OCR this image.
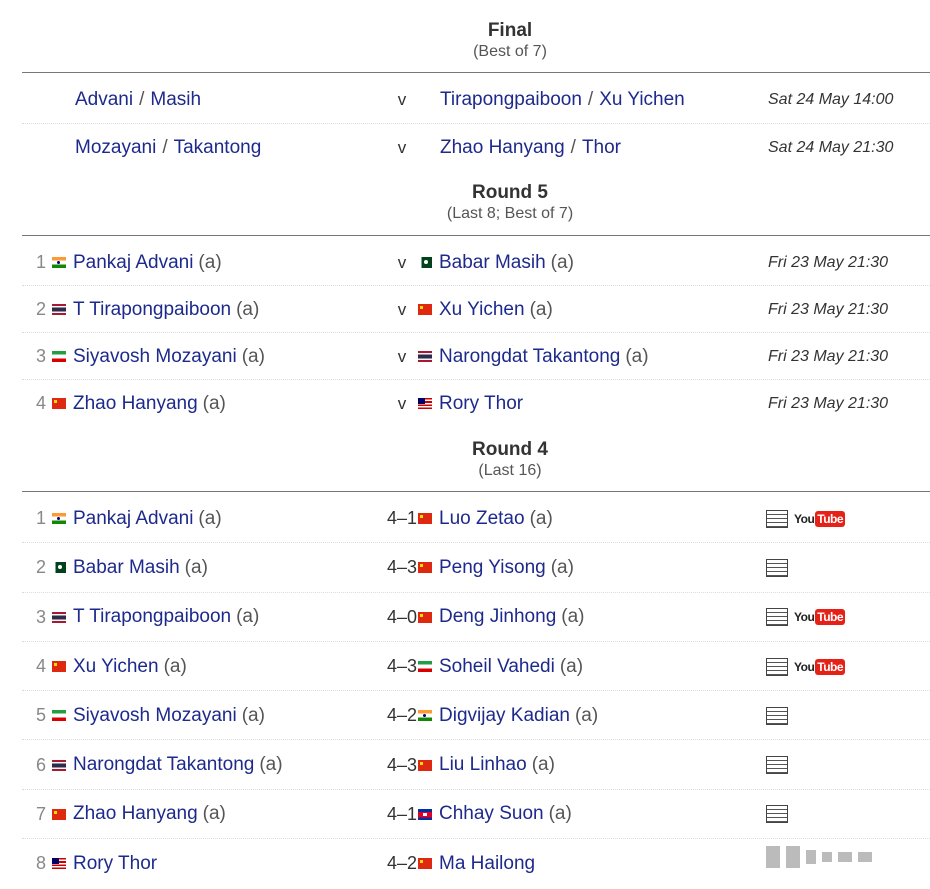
Final
(Best of 7)
Advani / Masih	v	Tirapongpaiboon / Xu Yichen	Sat 24 May 14:00
Mozayani / Takantong	v	Zhao Hanyang / Thor	Sat 24 May 21:30
Round 5
(Last 8; Best of 7)
1 Pankaj Advani (a)	v	Babar Masih (a)	Fri 23 May 21:30
2 T Tirapongpaiboon (a)	v	Xu Yichen (a)	Fri 23 May 21:30
3 Siyavosh Mozayani (a)	v	Narongdat Takantong (a)	Fri 23 May 21:30
4 Zhao Hanyang (a)	v	Rory Thor	Fri 23 May 21:30
Round 4
(Last 16)
1 Pankaj Advani (a)	4–1	Luo Zetao (a)	You Tube
2 Babar Masih (a)	4–3	Peng Yisong (a)
3 T Tirapongpaiboon (a)	4–0	Deng Jinhong (a)	You Tube
4 Xu Yichen (a)	4–3	Soheil Vahedi (a)	You Tube
5 Siyavosh Mozayani (a)	4–2	Digvijay Kadian (a)
6 Narongdat Takantong (a)	4–3	Liu Linhao (a)
7 Zhao Hanyang (a)	4–1	Chhay Suon (a)
8 Rory Thor	4–2	Ma Hailong
